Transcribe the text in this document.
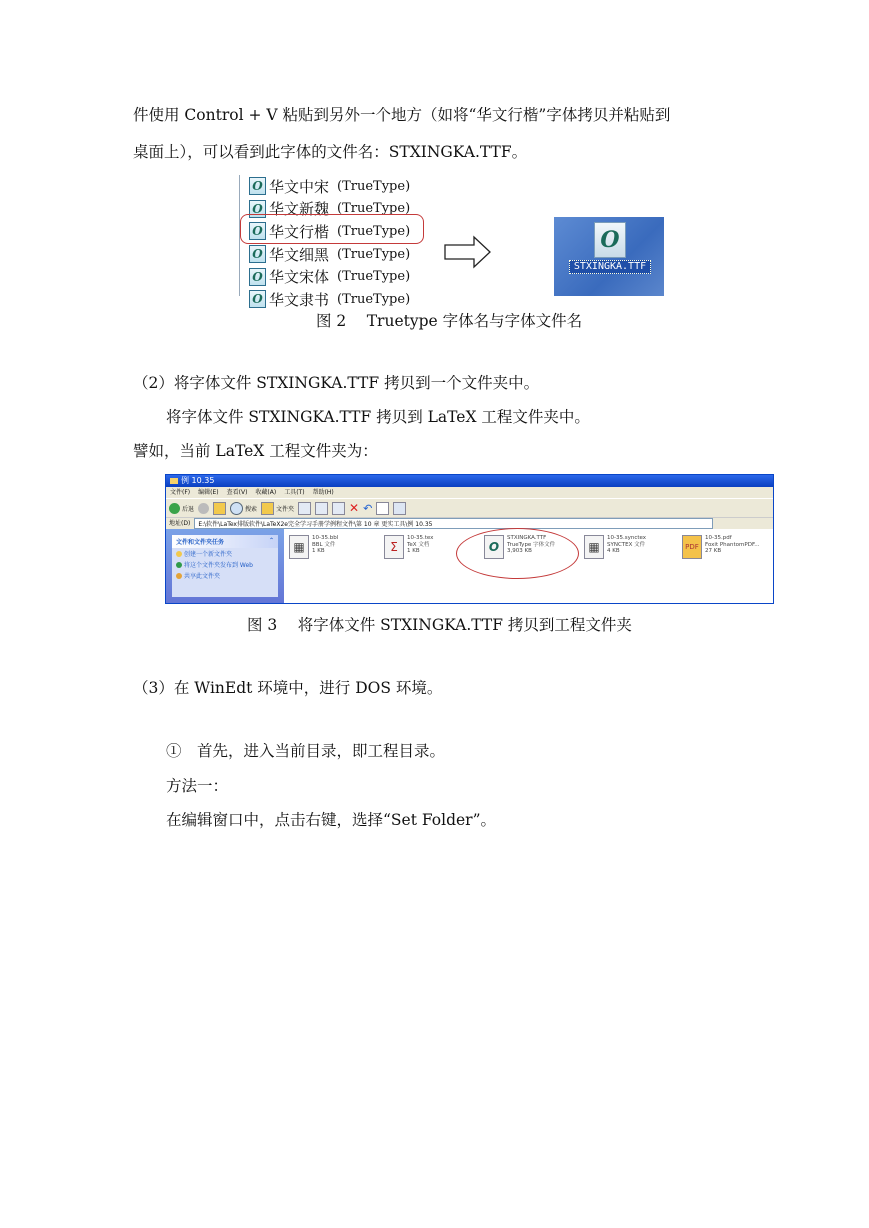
件使用 Control + V 粘贴到另外一个地方（如将“华文行楷”字体拷贝并粘贴到
桌面上），可以看到此字体的文件名：STXINGKA.TTF。
O 华文中宋 (TrueType)
O 华文新魏 (TrueType)
O 华文行楷 (TrueType)
O 华文细黑 (TrueType)
O 华文宋体 (TrueType)
O 华文隶书 (TrueType)
O
STXINGKA.TTF
图 2　 Truetype 字体名与字体文件名
（2）将字体文件 STXINGKA.TTF 拷贝到一个文件夹中。
将字体文件 STXINGKA.TTF 拷贝到 LaTeX 工程文件夹中。
譬如，当前 LaTeX 工程文件夹为：
例 10.35
文件(F) 编辑(E) 查看(V) 收藏(A) 工具(T) 帮助(H)
后退	搜索	文件夹	✕ ↶
地址(D)	E:\软件\LaTex排版软件\LaTeX2e完全学习手册学例程文件\第 10 章 更实工具\例 10.35
文件和文件夹任务	⌃
创建一个新文件夹
将这个文件夹发布到 Web
共享此文件夹
▦
10-35.bbl
BBL 文件
1 KB	Σ
10-35.tex
TeX 文档
1 KB	O
STXINGKA.TTF
TrueType 字体文件
3,903 KB	▦
10-35.synctex
SYNCTEX 文件
4 KB
PDF
10-35.pdf
Foxit PhantomPDF...
27 KB
图 3　 将字体文件 STXINGKA.TTF 拷贝到工程文件夹
（3）在 WinEdt 环境中，进行 DOS 环境。
①　首先，进入当前目录，即工程目录。
方法一：
在编辑窗口中，点击右键，选择“Set Folder”。
